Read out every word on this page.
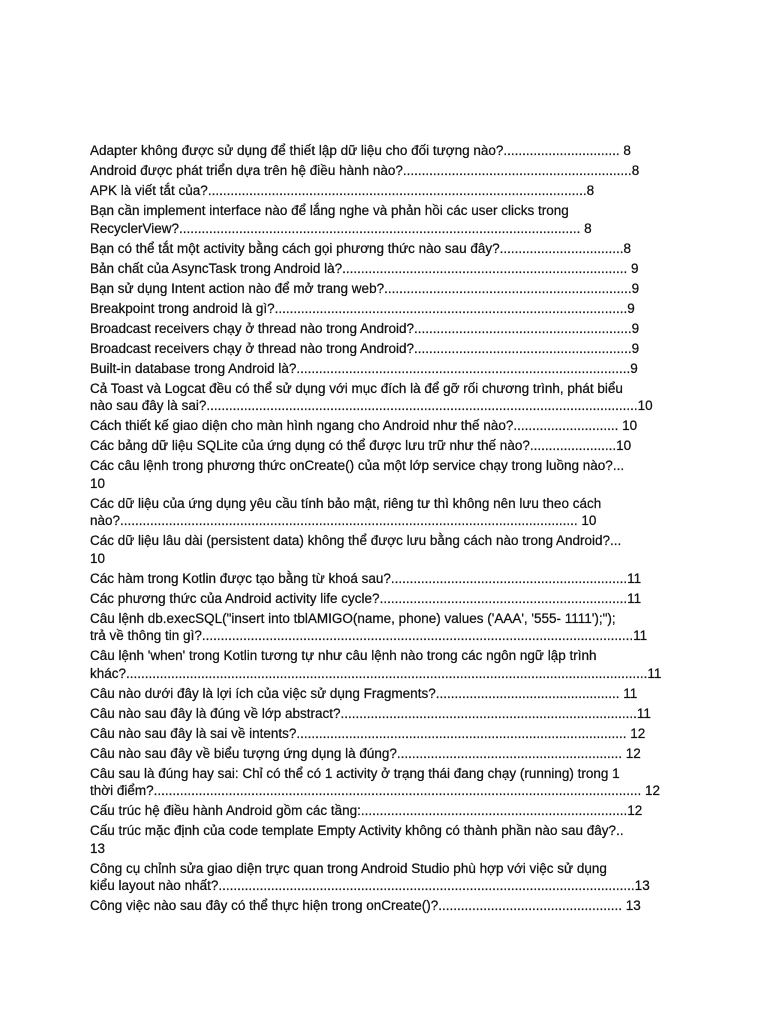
Adapter không được sử dụng để thiết lập dữ liệu cho đối tượng nào?............................... 8
Android được phát triển dựa trên hệ điều hành nào?.............................................................8
APK là viết tắt của?.....................................................................................................8
Bạn cần implement interface nào để lắng nghe và phản hồi các user clicks trong
RecyclerView?........................................................................................................... 8
Bạn có thể tắt một activity bằng cách gọi phương thức nào sau đây?.................................8
Bản chất của AsyncTask trong Android là?............................................................................ 9
Bạn sử dụng Intent action nào để mở trang web?..................................................................9
Breakpoint trong android là gì?..............................................................................................9
Broadcast receivers chạy ở thread nào trong Android?..........................................................9
Broadcast receivers chạy ở thread nào trong Android?..........................................................9
Built-in database trong Android là?.........................................................................................9
Cả Toast và Logcat đều có thể sử dụng với mục đích là để gỡ rối chương trình, phát biểu
nào sau đây là sai?...................................................................................................................10
Cách thiết kế giao diện cho màn hình ngang cho Android như thế nào?............................ 10
Các bảng dữ liệu SQLite của ứng dụng có thể được lưu trữ như thế nào?.......................10
Các câu lệnh trong phương thức onCreate() của một lớp service chạy trong luồng nào?...
10
Các dữ liệu của ứng dụng yêu cầu tính bảo mật, riêng tư thì không nên lưu theo cách
nào?.......................................................................................................................... 10
Các dữ liệu lâu dài (persistent data) không thể được lưu bằng cách nào trong Android?...
10
Các hàm trong Kotlin được tạo bằng từ khoá sau?...............................................................11
Các phương thức của Android activity life cycle?..................................................................11
Câu lệnh db.execSQL("insert into tblAMIGO(name, phone) values ('AAA', '555- 1111');");
trả về thông tin gì?...................................................................................................................11
Câu lệnh 'when' trong Kotlin tương tự như câu lệnh nào trong các ngôn ngữ lập trình
khác?...........................................................................................................................................11
Câu nào dưới đây là lợi ích của việc sử dụng Fragments?................................................. 11
Câu nào sau đây là đúng về lớp abstract?...............................................................................11
Câu nào sau đây là sai về intents?........................................................................................ 12
Câu nào sau đây về biểu tượng ứng dụng là đúng?............................................................ 12
Câu sau là đúng hay sai: Chỉ có thể có 1 activity ở trạng thái đang chạy (running) trong 1
thời điểm?.................................................................................................................................. 12
Cấu trúc hệ điều hành Android gồm các tầng:.......................................................................12
Cấu trúc mặc định của code template Empty Activity không có thành phần nào sau đây?..
13
Công cụ chỉnh sửa giao diện trực quan trong Android Studio phù hợp với việc sử dụng
kiểu layout nào nhất?...............................................................................................................13
Công việc nào sau đây có thể thực hiện trong onCreate()?................................................. 13
